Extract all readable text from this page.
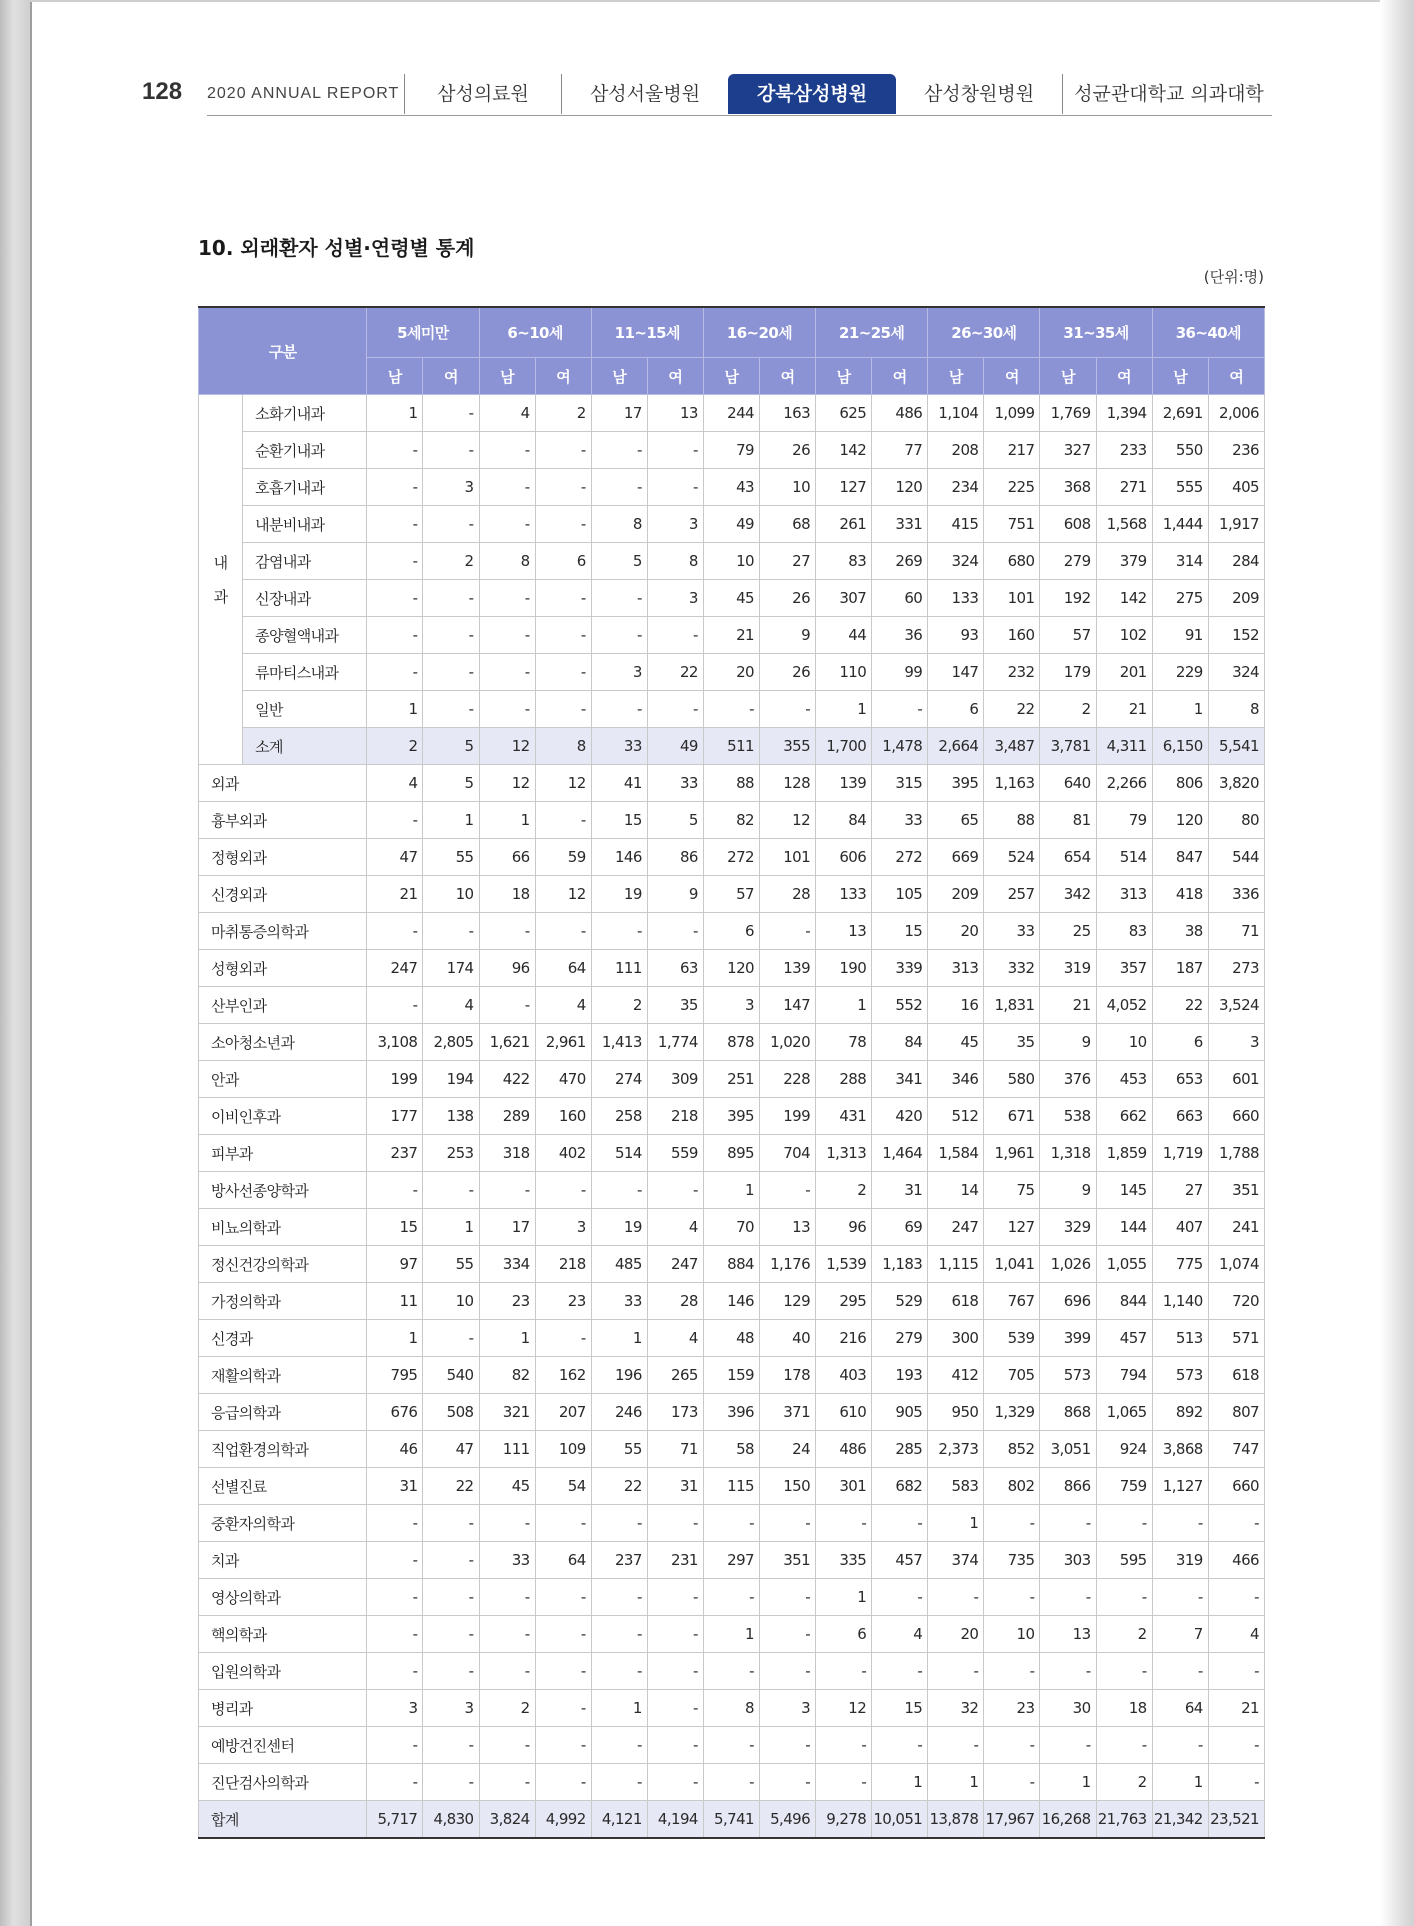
128 2020 ANNUAL REPORT	삼성의료원	삼성서울병원	강북삼성병원	삼성창원병원	성균관대학교 의과대학
10. 외래환자 성별·연령별 통계
(단위:명)
구분		5세미만		6~10세		11~15세		16~20세		21~25세		26~30세		31~35세		36~40세	
		남	여	남	여	남	여	남	여	남	여	남	여	남	여	남	여

내
과	소화기내과	1	-	4	2	17	13	244	163	625	486	1,104	1,099	1,769	1,394	2,691	2,006
	순환기내과	-	-	-	-	-	-	79	26	142	77	208	217	327	233	550	236
	호흡기내과	-	3	-	-	-	-	43	10	127	120	234	225	368	271	555	405
	내분비내과	-	-	-	-	8	3	49	68	261	331	415	751	608	1,568	1,444	1,917
	감염내과	-	2	8	6	5	8	10	27	83	269	324	680	279	379	314	284
	신장내과	-	-	-	-	-	3	45	26	307	60	133	101	192	142	275	209
	종양혈액내과	-	-	-	-	-	-	21	9	44	36	93	160	57	102	91	152
	류마티스내과	-	-	-	-	3	22	20	26	110	99	147	232	179	201	229	324
	일반	1	-	-	-	-	-	-	-	1	-	6	22	2	21	1	8
	소계	2	5	12	8	33	49	511	355	1,700	1,478	2,664	3,487	3,781	4,311	6,150	5,541
외과		4	5	12	12	41	33	88	128	139	315	395	1,163	640	2,266	806	3,820
흉부외과		-	1	1	-	15	5	82	12	84	33	65	88	81	79	120	80
정형외과		47	55	66	59	146	86	272	101	606	272	669	524	654	514	847	544
신경외과		21	10	18	12	19	9	57	28	133	105	209	257	342	313	418	336
마취통증의학과		-	-	-	-	-	-	6	-	13	15	20	33	25	83	38	71
성형외과		247	174	96	64	111	63	120	139	190	339	313	332	319	357	187	273
산부인과		-	4	-	4	2	35	3	147	1	552	16	1,831	21	4,052	22	3,524
소아청소년과		3,108	2,805	1,621	2,961	1,413	1,774	878	1,020	78	84	45	35	9	10	6	3
안과		199	194	422	470	274	309	251	228	288	341	346	580	376	453	653	601
이비인후과		177	138	289	160	258	218	395	199	431	420	512	671	538	662	663	660
피부과		237	253	318	402	514	559	895	704	1,313	1,464	1,584	1,961	1,318	1,859	1,719	1,788
방사선종양학과		-	-	-	-	-	-	1	-	2	31	14	75	9	145	27	351
비뇨의학과		15	1	17	3	19	4	70	13	96	69	247	127	329	144	407	241
정신건강의학과		97	55	334	218	485	247	884	1,176	1,539	1,183	1,115	1,041	1,026	1,055	775	1,074
가정의학과		11	10	23	23	33	28	146	129	295	529	618	767	696	844	1,140	720
신경과		1	-	1	-	1	4	48	40	216	279	300	539	399	457	513	571
재활의학과		795	540	82	162	196	265	159	178	403	193	412	705	573	794	573	618
응급의학과		676	508	321	207	246	173	396	371	610	905	950	1,329	868	1,065	892	807
직업환경의학과		46	47	111	109	55	71	58	24	486	285	2,373	852	3,051	924	3,868	747
선별진료		31	22	45	54	22	31	115	150	301	682	583	802	866	759	1,127	660
중환자의학과		-	-	-	-	-	-	-	-	-	-	1	-	-	-	-	-
치과		-	-	33	64	237	231	297	351	335	457	374	735	303	595	319	466
영상의학과		-	-	-	-	-	-	-	-	1	-	-	-	-	-	-	-
핵의학과		-	-	-	-	-	-	1	-	6	4	20	10	13	2	7	4
입원의학과		-	-	-	-	-	-	-	-	-	-	-	-	-	-	-	-
병리과		3	3	2	-	1	-	8	3	12	15	32	23	30	18	64	21
예방건진센터		-	-	-	-	-	-	-	-	-	-	-	-	-	-	-	-
진단검사의학과		-	-	-	-	-	-	-	-	-	1	1	-	1	2	1	-
합계		5,717	4,830	3,824	4,992	4,121	4,194	5,741	5,496	9,278	10,051	13,878	17,967	16,268	21,763	21,342	23,521
